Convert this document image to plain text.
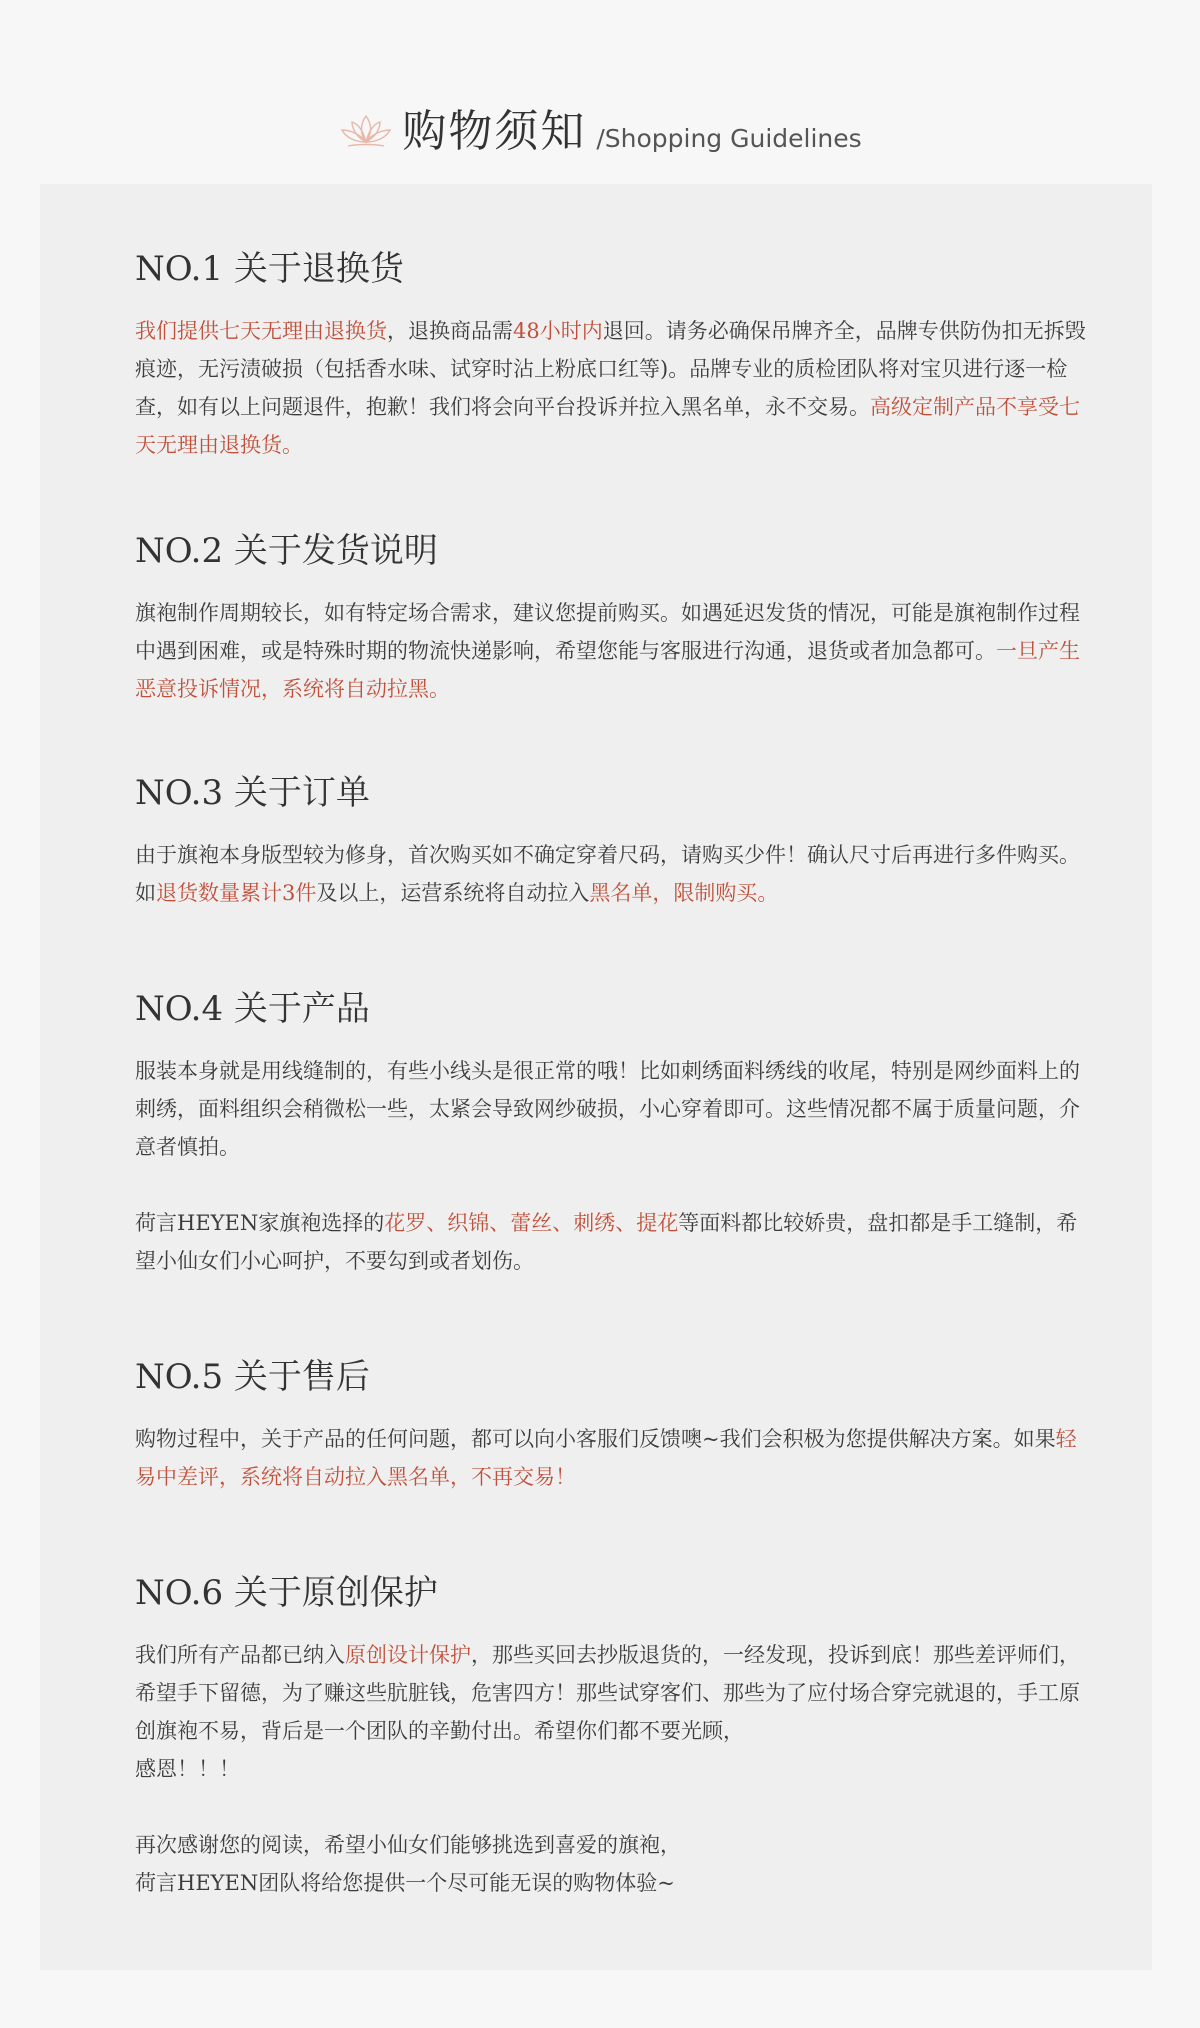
购物须知 /Shopping Guidelines
NO.1 关于退换货

我们提供七天无理由退换货，退换商品需48小时内退回。请务必确保吊牌齐全，品牌专供防伪扣无拆毁痕迹，无污渍破损（包括香水味、试穿时沾上粉底口红等)。品牌专业的质检团队将对宝贝进行逐一检查，如有以上问题退件，抱歉！我们将会向平台投诉并拉入黑名单，永不交易。高级定制产品不享受七天无理由退换货。

NO.2 关于发货说明

旗袍制作周期较长，如有特定场合需求，建议您提前购买。如遇延迟发货的情况，可能是旗袍制作过程中遇到困难，或是特殊时期的物流快递影响，希望您能与客服进行沟通，退货或者加急都可。一旦产生恶意投诉情况，系统将自动拉黑。

NO.3 关于订单

由于旗袍本身版型较为修身，首次购买如不确定穿着尺码，请购买少件！确认尺寸后再进行多件购买。如退货数量累计3件及以上，运营系统将自动拉入黑名单，限制购买。

NO.4 关于产品

服装本身就是用线缝制的，有些小线头是很正常的哦！比如刺绣面料绣线的收尾，特别是网纱面料上的刺绣，面料组织会稍微松一些，太紧会导致网纱破损，小心穿着即可。这些情况都不属于质量问题，介意者慎拍。

荷言HEYEN家旗袍选择的花罗、织锦、蕾丝、刺绣、提花等面料都比较娇贵，盘扣都是手工缝制，希望小仙女们小心呵护，不要勾到或者划伤。

NO.5 关于售后

购物过程中，关于产品的任何问题，都可以向小客服们反馈噢~我们会积极为您提供解决方案。如果轻易中差评，系统将自动拉入黑名单，不再交易！

NO.6 关于原创保护

我们所有产品都已纳入原创设计保护，那些买回去抄版退货的，一经发现，投诉到底！那些差评师们，希望手下留德，为了赚这些肮脏钱，危害四方！那些试穿客们、那些为了应付场合穿完就退的，手工原创旗袍不易，背后是一个团队的辛勤付出。希望你们都不要光顾，
感恩！！！

再次感谢您的阅读，希望小仙女们能够挑选到喜爱的旗袍，
荷言HEYEN团队将给您提供一个尽可能无误的购物体验~
